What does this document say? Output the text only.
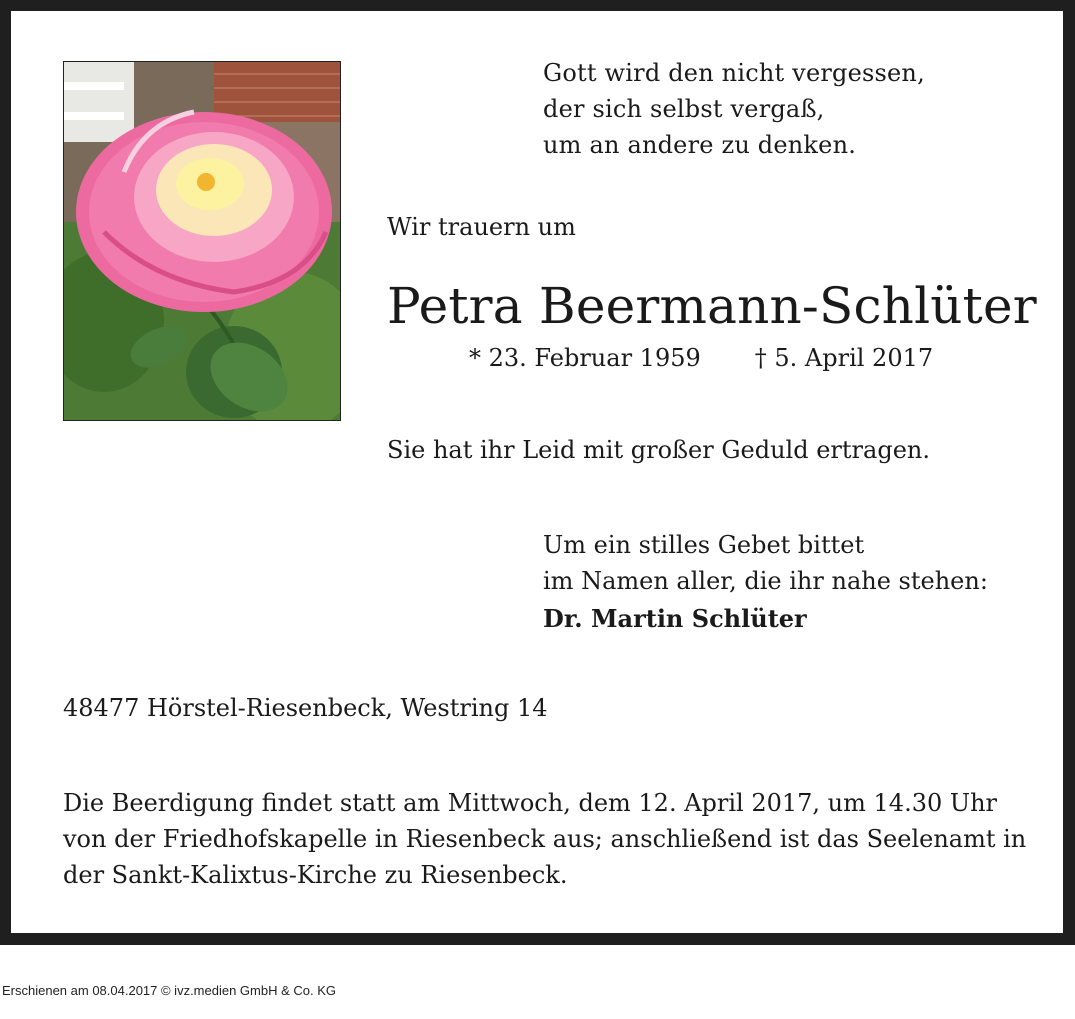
Gott wird den nicht vergessen,
der sich selbst vergaß,
um an andere zu denken.
Wir trauern um
Petra Beermann-Schlüter
* 23. Februar 1959 † 5. April 2017
Sie hat ihr Leid mit großer Geduld ertragen.
Um ein stilles Gebet bittet
im Namen aller, die ihr nahe stehen:
Dr. Martin Schlüter
48477 Hörstel-Riesenbeck, Westring 14
Die Beerdigung findet statt am Mittwoch, dem 12. April 2017, um 14.30 Uhr
von der Friedhofskapelle in Riesenbeck aus; anschließend ist das Seelenamt in
der Sankt-Kalixtus-Kirche zu Riesenbeck.
Erschienen am 08.04.2017 © ivz.medien GmbH & Co. KG
